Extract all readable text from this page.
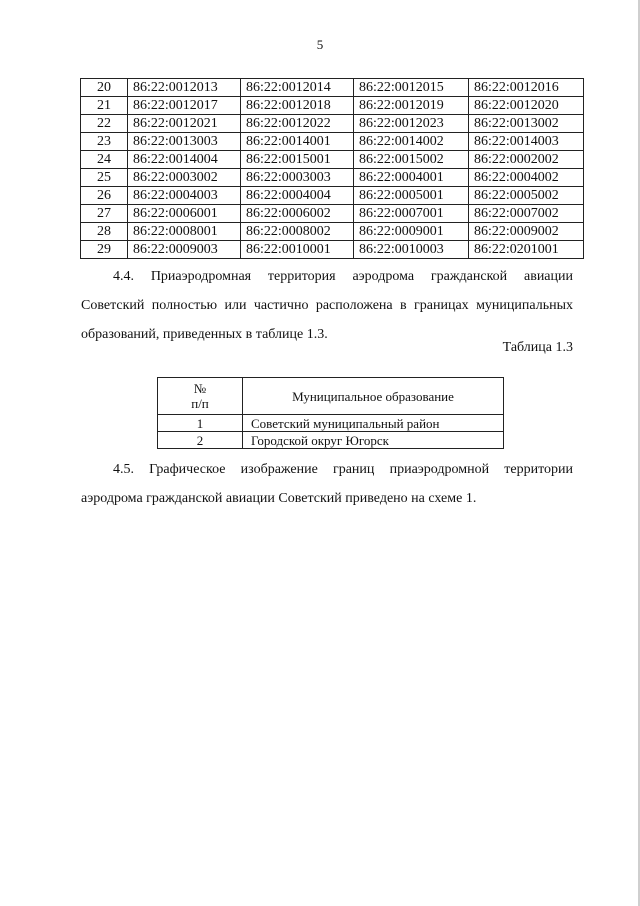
5
20	86:22:0012013	86:22:0012014	86:22:0012015	86:22:0012016
21	86:22:0012017	86:22:0012018	86:22:0012019	86:22:0012020
22	86:22:0012021	86:22:0012022	86:22:0012023	86:22:0013002
23	86:22:0013003	86:22:0014001	86:22:0014002	86:22:0014003
24	86:22:0014004	86:22:0015001	86:22:0015002	86:22:0002002
25	86:22:0003002	86:22:0003003	86:22:0004001	86:22:0004002
26	86:22:0004003	86:22:0004004	86:22:0005001	86:22:0005002
27	86:22:0006001	86:22:0006002	86:22:0007001	86:22:0007002
28	86:22:0008001	86:22:0008002	86:22:0009001	86:22:0009002
29	86:22:0009003	86:22:0010001	86:22:0010003	86:22:0201001
4.4. Приаэродромная территория аэродрома гражданской авиации
Советский полностью или частично расположена в границах муниципальных
образований, приведенных в таблице 1.3.
Таблица 1.3
№
п/п	Муниципальное образование
1	Советский муниципальный район
2	Городской округ Югорск
4.5. Графическое изображение границ приаэродромной территории
аэродрома гражданской авиации Советский приведено на схеме 1.
